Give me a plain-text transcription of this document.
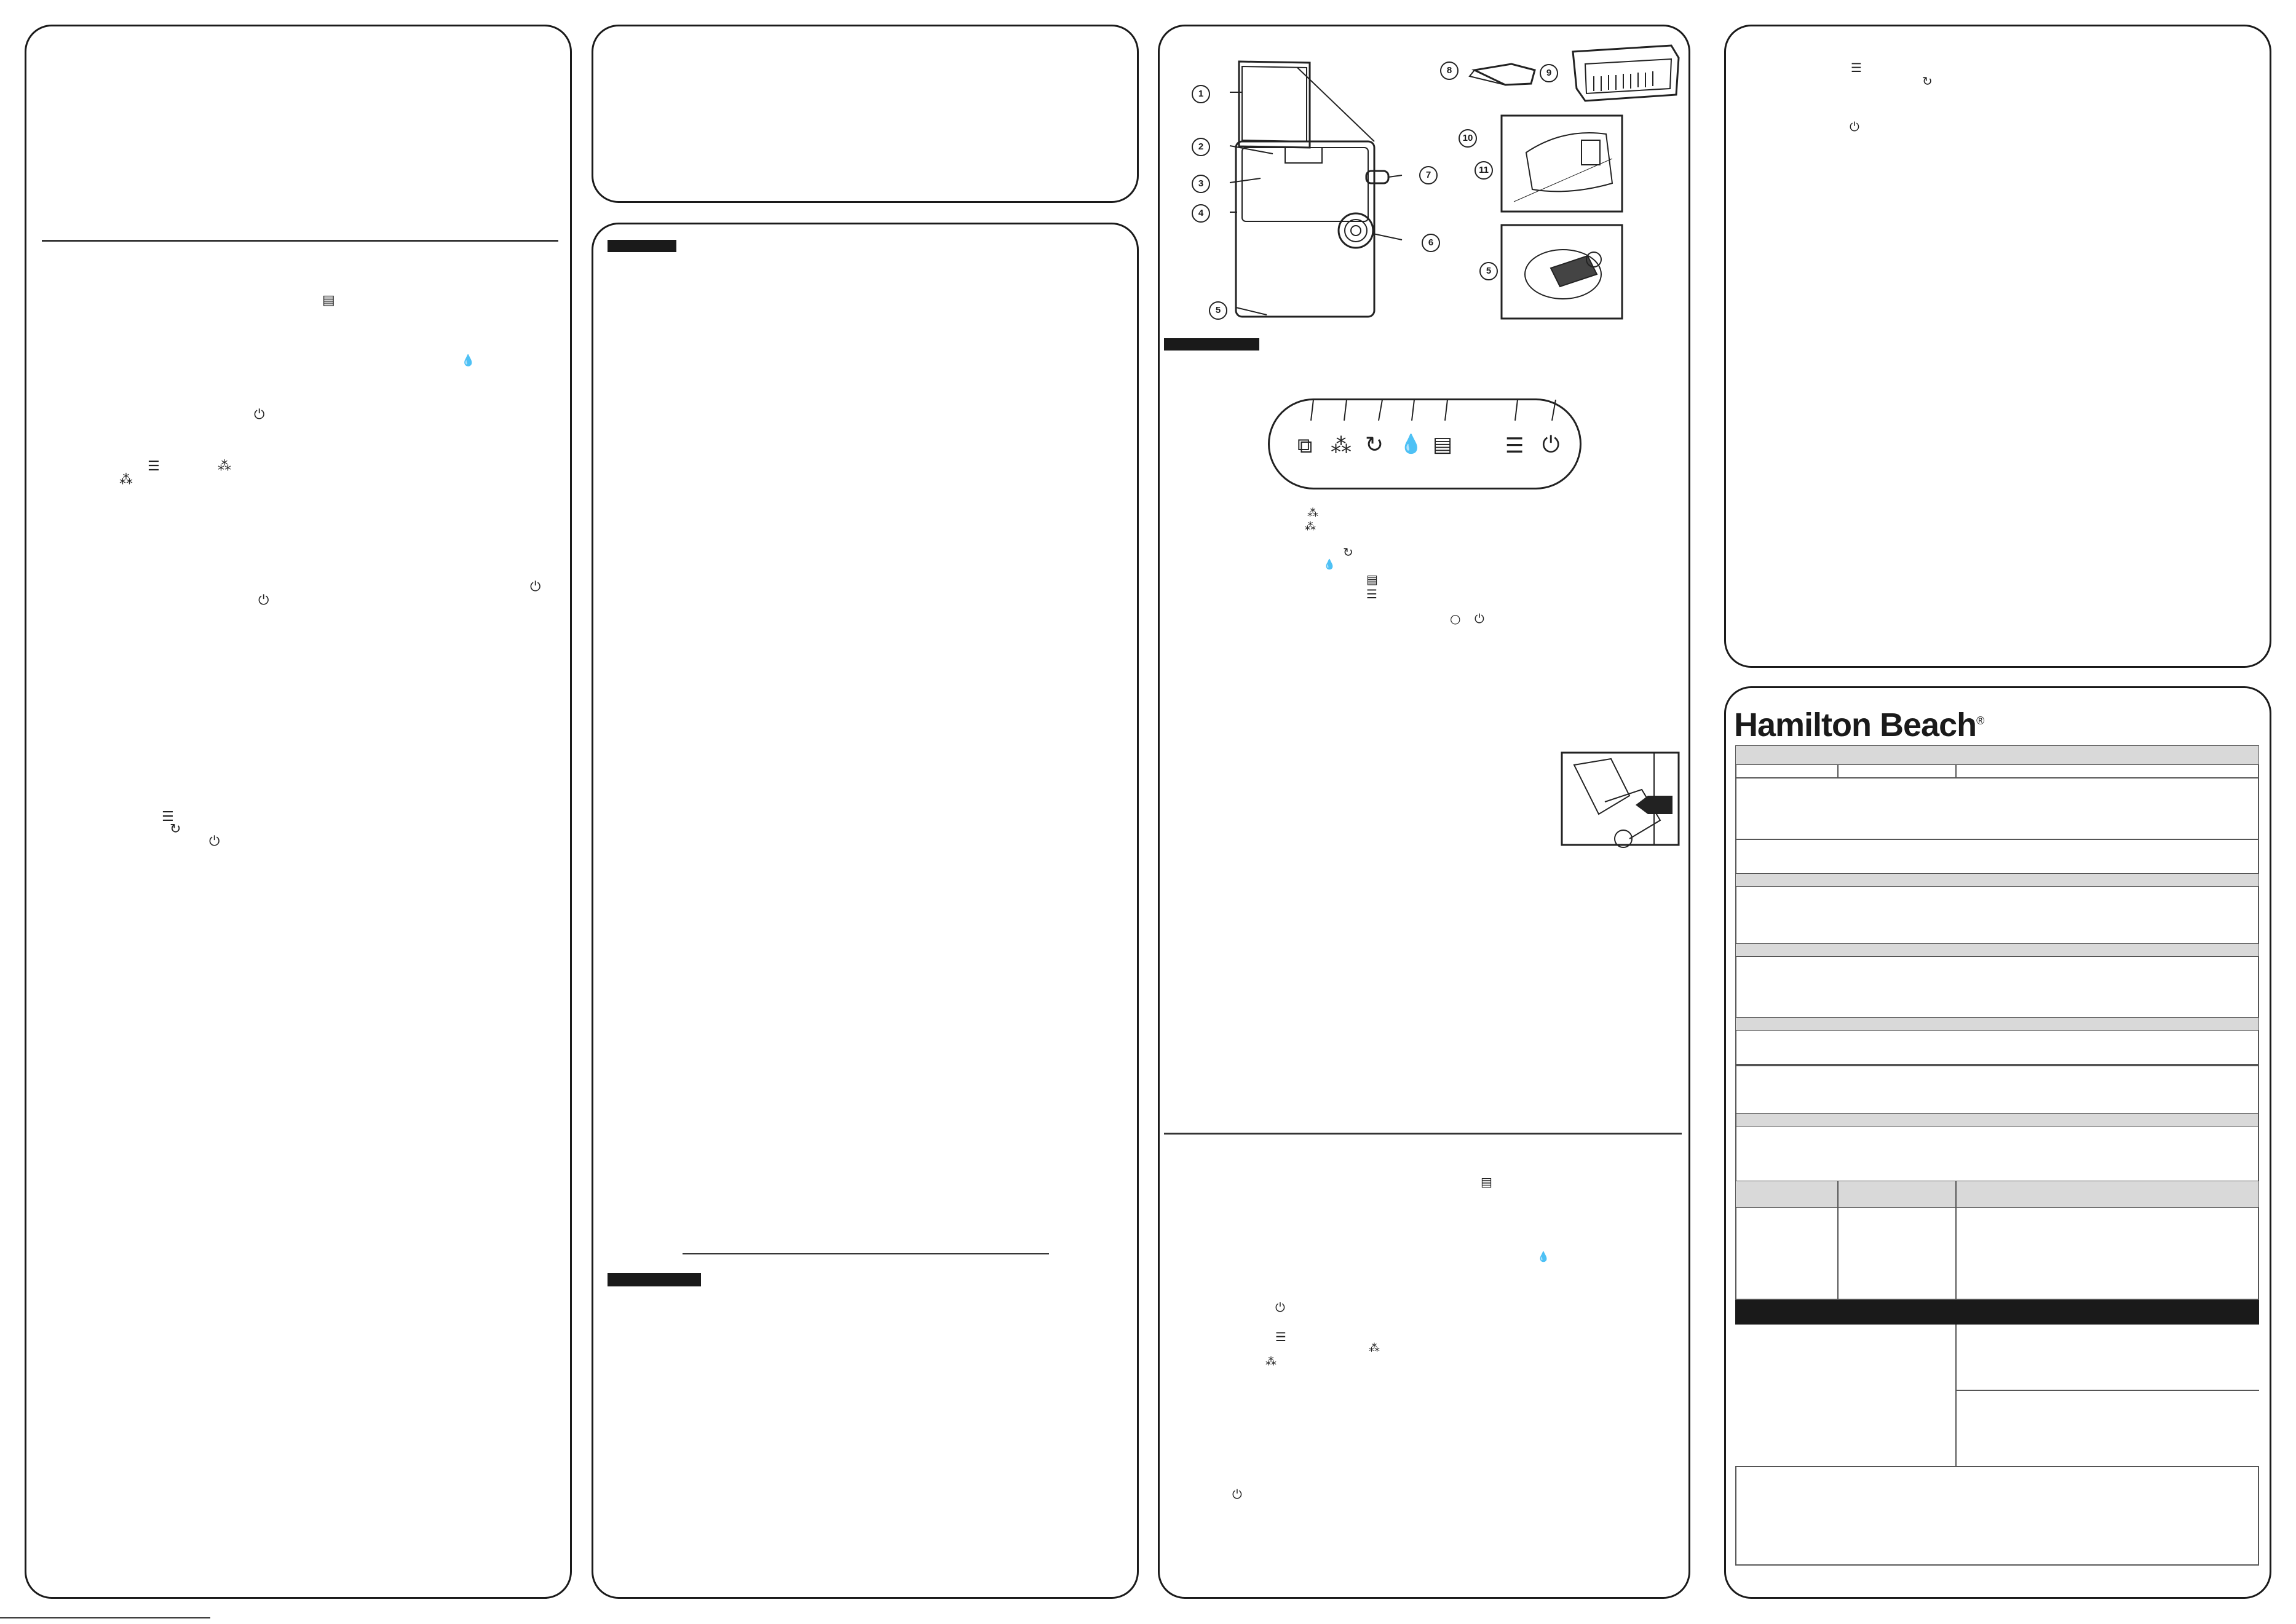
▤
💧
⏻
☰	⁂
⁂
⏻
⏻
☰
↻
⏻
1
2
3
4
5
6
7
8	9
10
11
5
⧉ ⁂ ↻ 💧 ▤	☰ ⏻
⁂
⁂
↻
💧
▤
☰
○ ⏻
▤
💧
⏻
☰
⁂
⁂
⏻
☰
↻
⏻
Hamilton Beach®
